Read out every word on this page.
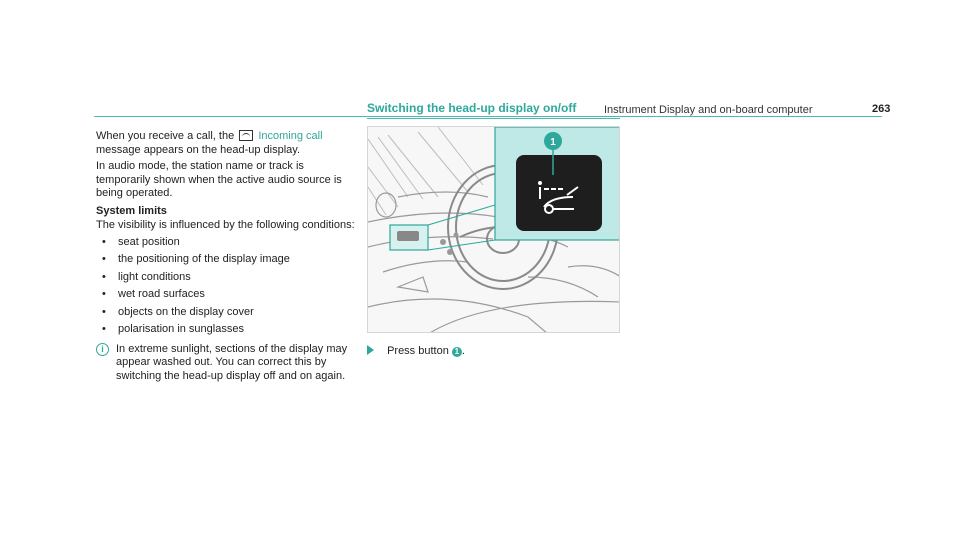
Instrument Display and on-board computer	263

When you receive a call, the Incoming call message appears on the head-up display.

In audio mode, the station name or track is temporarily shown when the active audio source is being operated.

System limits

The visibility is influenced by the following conditions:

• seat position
• the positioning of the display image
• light conditions
• wet road surfaces
• objects on the display cover
• polarisation in sunglasses
i	In extreme sunlight, sections of the display may appear washed out. You can correct this by switching the head-up display off and on again.
Switching the head-up display on/off
1
Press button 1 .
